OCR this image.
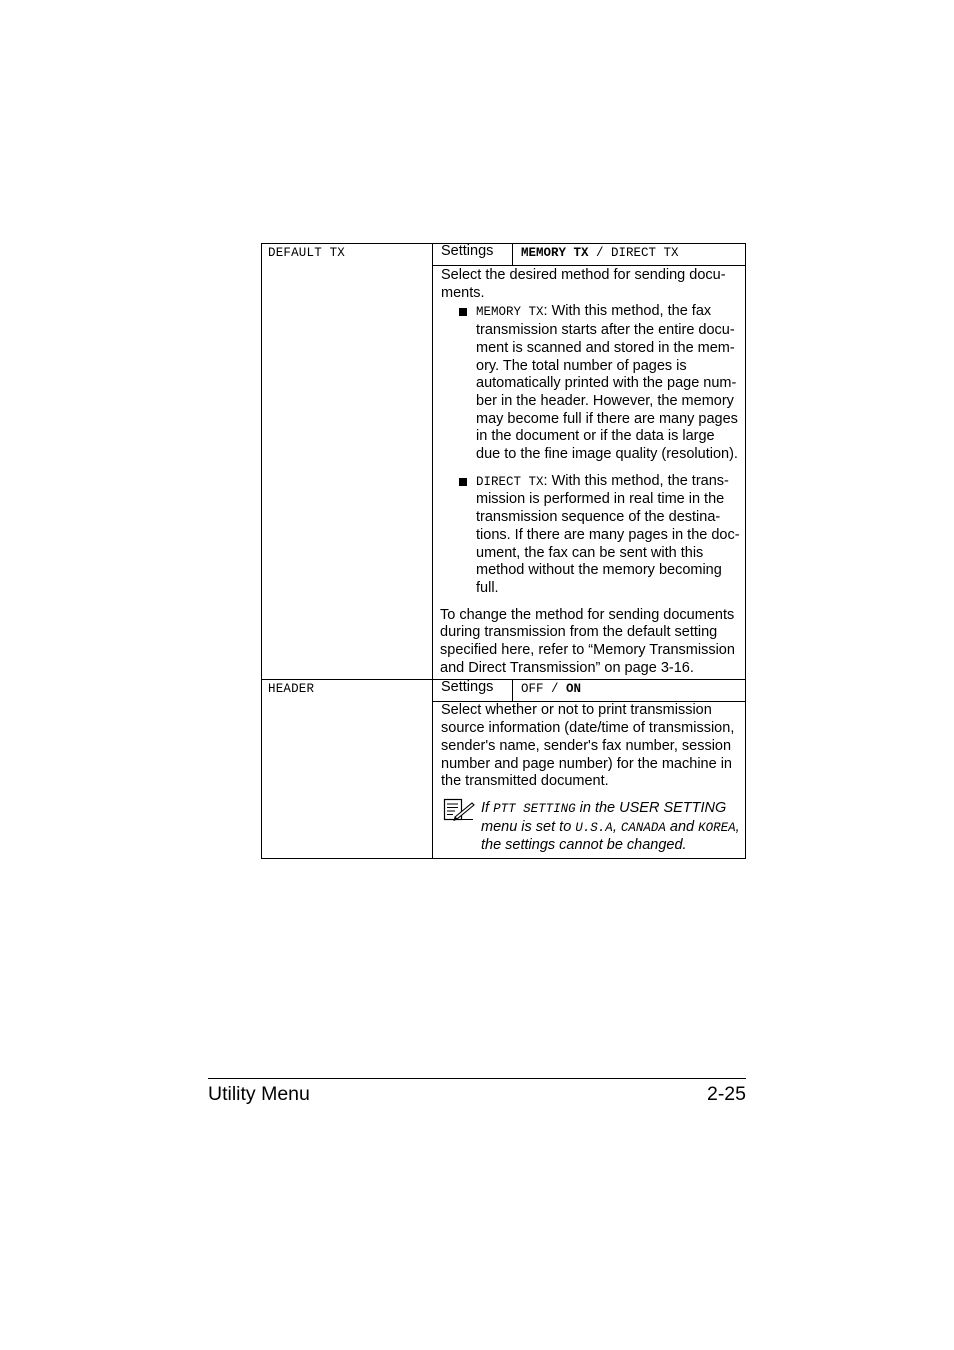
DEFAULT TX	Settings	MEMORY TX / DIRECT TX
Select the desired method for sending docu-ments.
MEMORY TX: With this method, the fax transmission starts after the entire docu-ment is scanned and stored in the mem-ory. The total number of pages is automatically printed with the page num-ber in the header. However, the memory may become full if there are many pages in the document or if the data is large due to the fine image quality (resolution).
DIRECT TX: With this method, the trans-mission is performed in real time in the transmission sequence of the destina-tions. If there are many pages in the doc-ument, the fax can be sent with this method without the memory becoming full.
To change the method for sending documents during transmission from the default setting specified here, refer to “Memory Transmission and Direct Transmission” on page 3-16.
HEADER	Settings	OFF / ON
Select whether or not to print transmission source information (date/time of transmission, sender's name, sender's fax number, session number and page number) for the machine in the transmitted document.
If PTT SETTING in the USER SETTING menu is set to U.S.A, CANADA and KOREA, the settings cannot be changed.
Utility Menu	2-25
